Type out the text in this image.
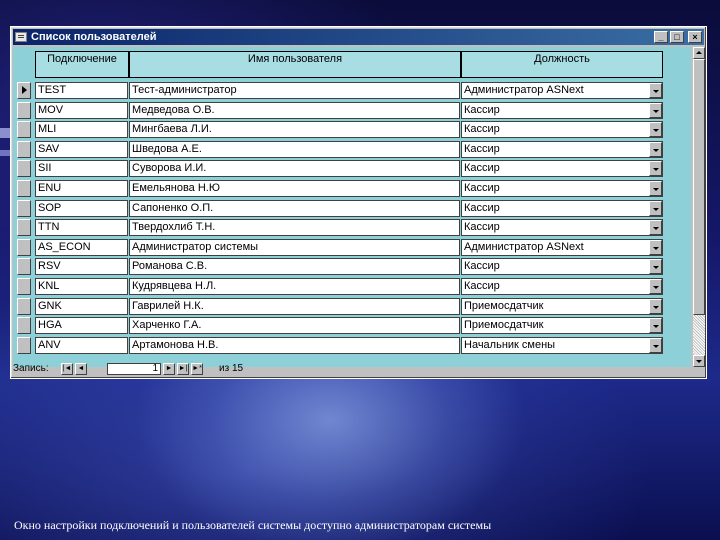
Список пользователей	_	□	×
Подключение	Имя пользователя	Должность
TEST	Тест-администратор	Администратор ASNext
MOV	Медведова О.В.	Кассир
MLI	Мингбаева Л.И.	Кассир
SAV	Шведова А.Е.	Кассир
SII	Суворова И.И.	Кассир
ENU	Емельянова Н.Ю	Кассир
SOP	Сапоненко О.П.	Кассир
TTN	Твердохлиб Т.Н.	Кассир
AS_ECON	Администратор системы	Администратор ASNext
RSV	Романова С.В.	Кассир
KNL	Кудрявцева Н.Л.	Кассир
GNK	Гаврилей Н.К.	Приемосдатчик
HGA	Харченко Г.А.	Приемосдатчик
ANV	Артамонова Н.В.	Начальник смены
Запись: |◄ ◄	1	► ►| ►* из 15
Окно настройки подключений и пользователей системы доступно администраторам системы
